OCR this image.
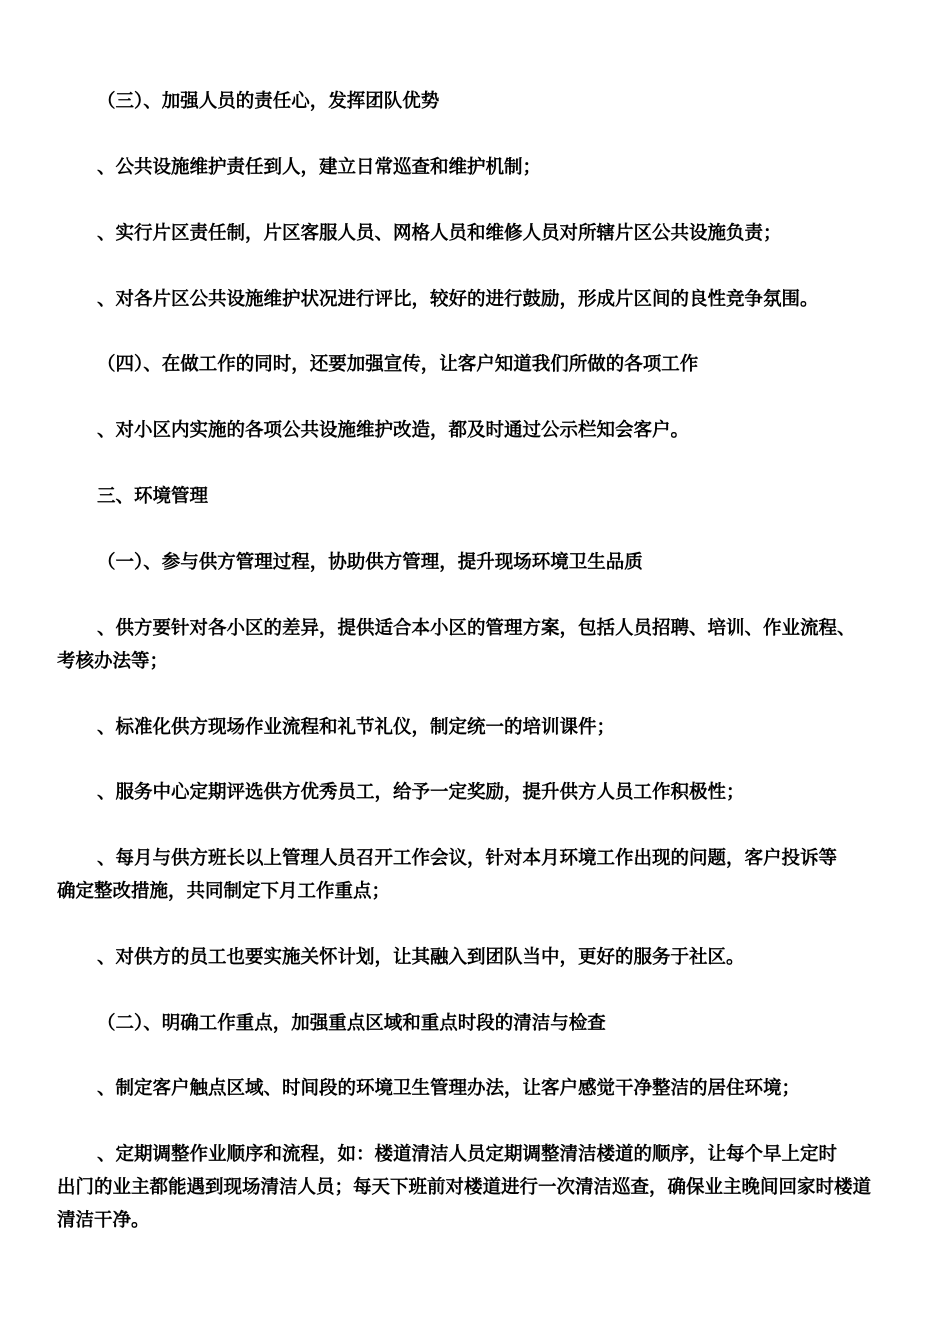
（三）、加强人员的责任心，发挥团队优势
、公共设施维护责任到人，建立日常巡查和维护机制；
、实行片区责任制，片区客服人员、网格人员和维修人员对所辖片区公共设施负责；
、对各片区公共设施维护状况进行评比，较好的进行鼓励，形成片区间的良性竞争氛围。
（四）、在做工作的同时，还要加强宣传，让客户知道我们所做的各项工作
、对小区内实施的各项公共设施维护改造，都及时通过公示栏知会客户。
三、环境管理
（一）、参与供方管理过程，协助供方管理，提升现场环境卫生品质
、供方要针对各小区的差异，提供适合本小区的管理方案，包括人员招聘、培训、作业流程、
考核办法等；
、标准化供方现场作业流程和礼节礼仪，制定统一的培训课件；
、服务中心定期评选供方优秀员工，给予一定奖励，提升供方人员工作积极性；
、每月与供方班长以上管理人员召开工作会议，针对本月环境工作出现的问题，客户投诉等
确定整改措施，共同制定下月工作重点；
、对供方的员工也要实施关怀计划，让其融入到团队当中，更好的服务于社区。
（二）、明确工作重点，加强重点区域和重点时段的清洁与检查
、制定客户触点区域、时间段的环境卫生管理办法，让客户感觉干净整洁的居住环境；
、定期调整作业顺序和流程，如：楼道清洁人员定期调整清洁楼道的顺序，让每个早上定时
出门的业主都能遇到现场清洁人员；每天下班前对楼道进行一次清洁巡查，确保业主晚间回家时楼道
清洁干净。
